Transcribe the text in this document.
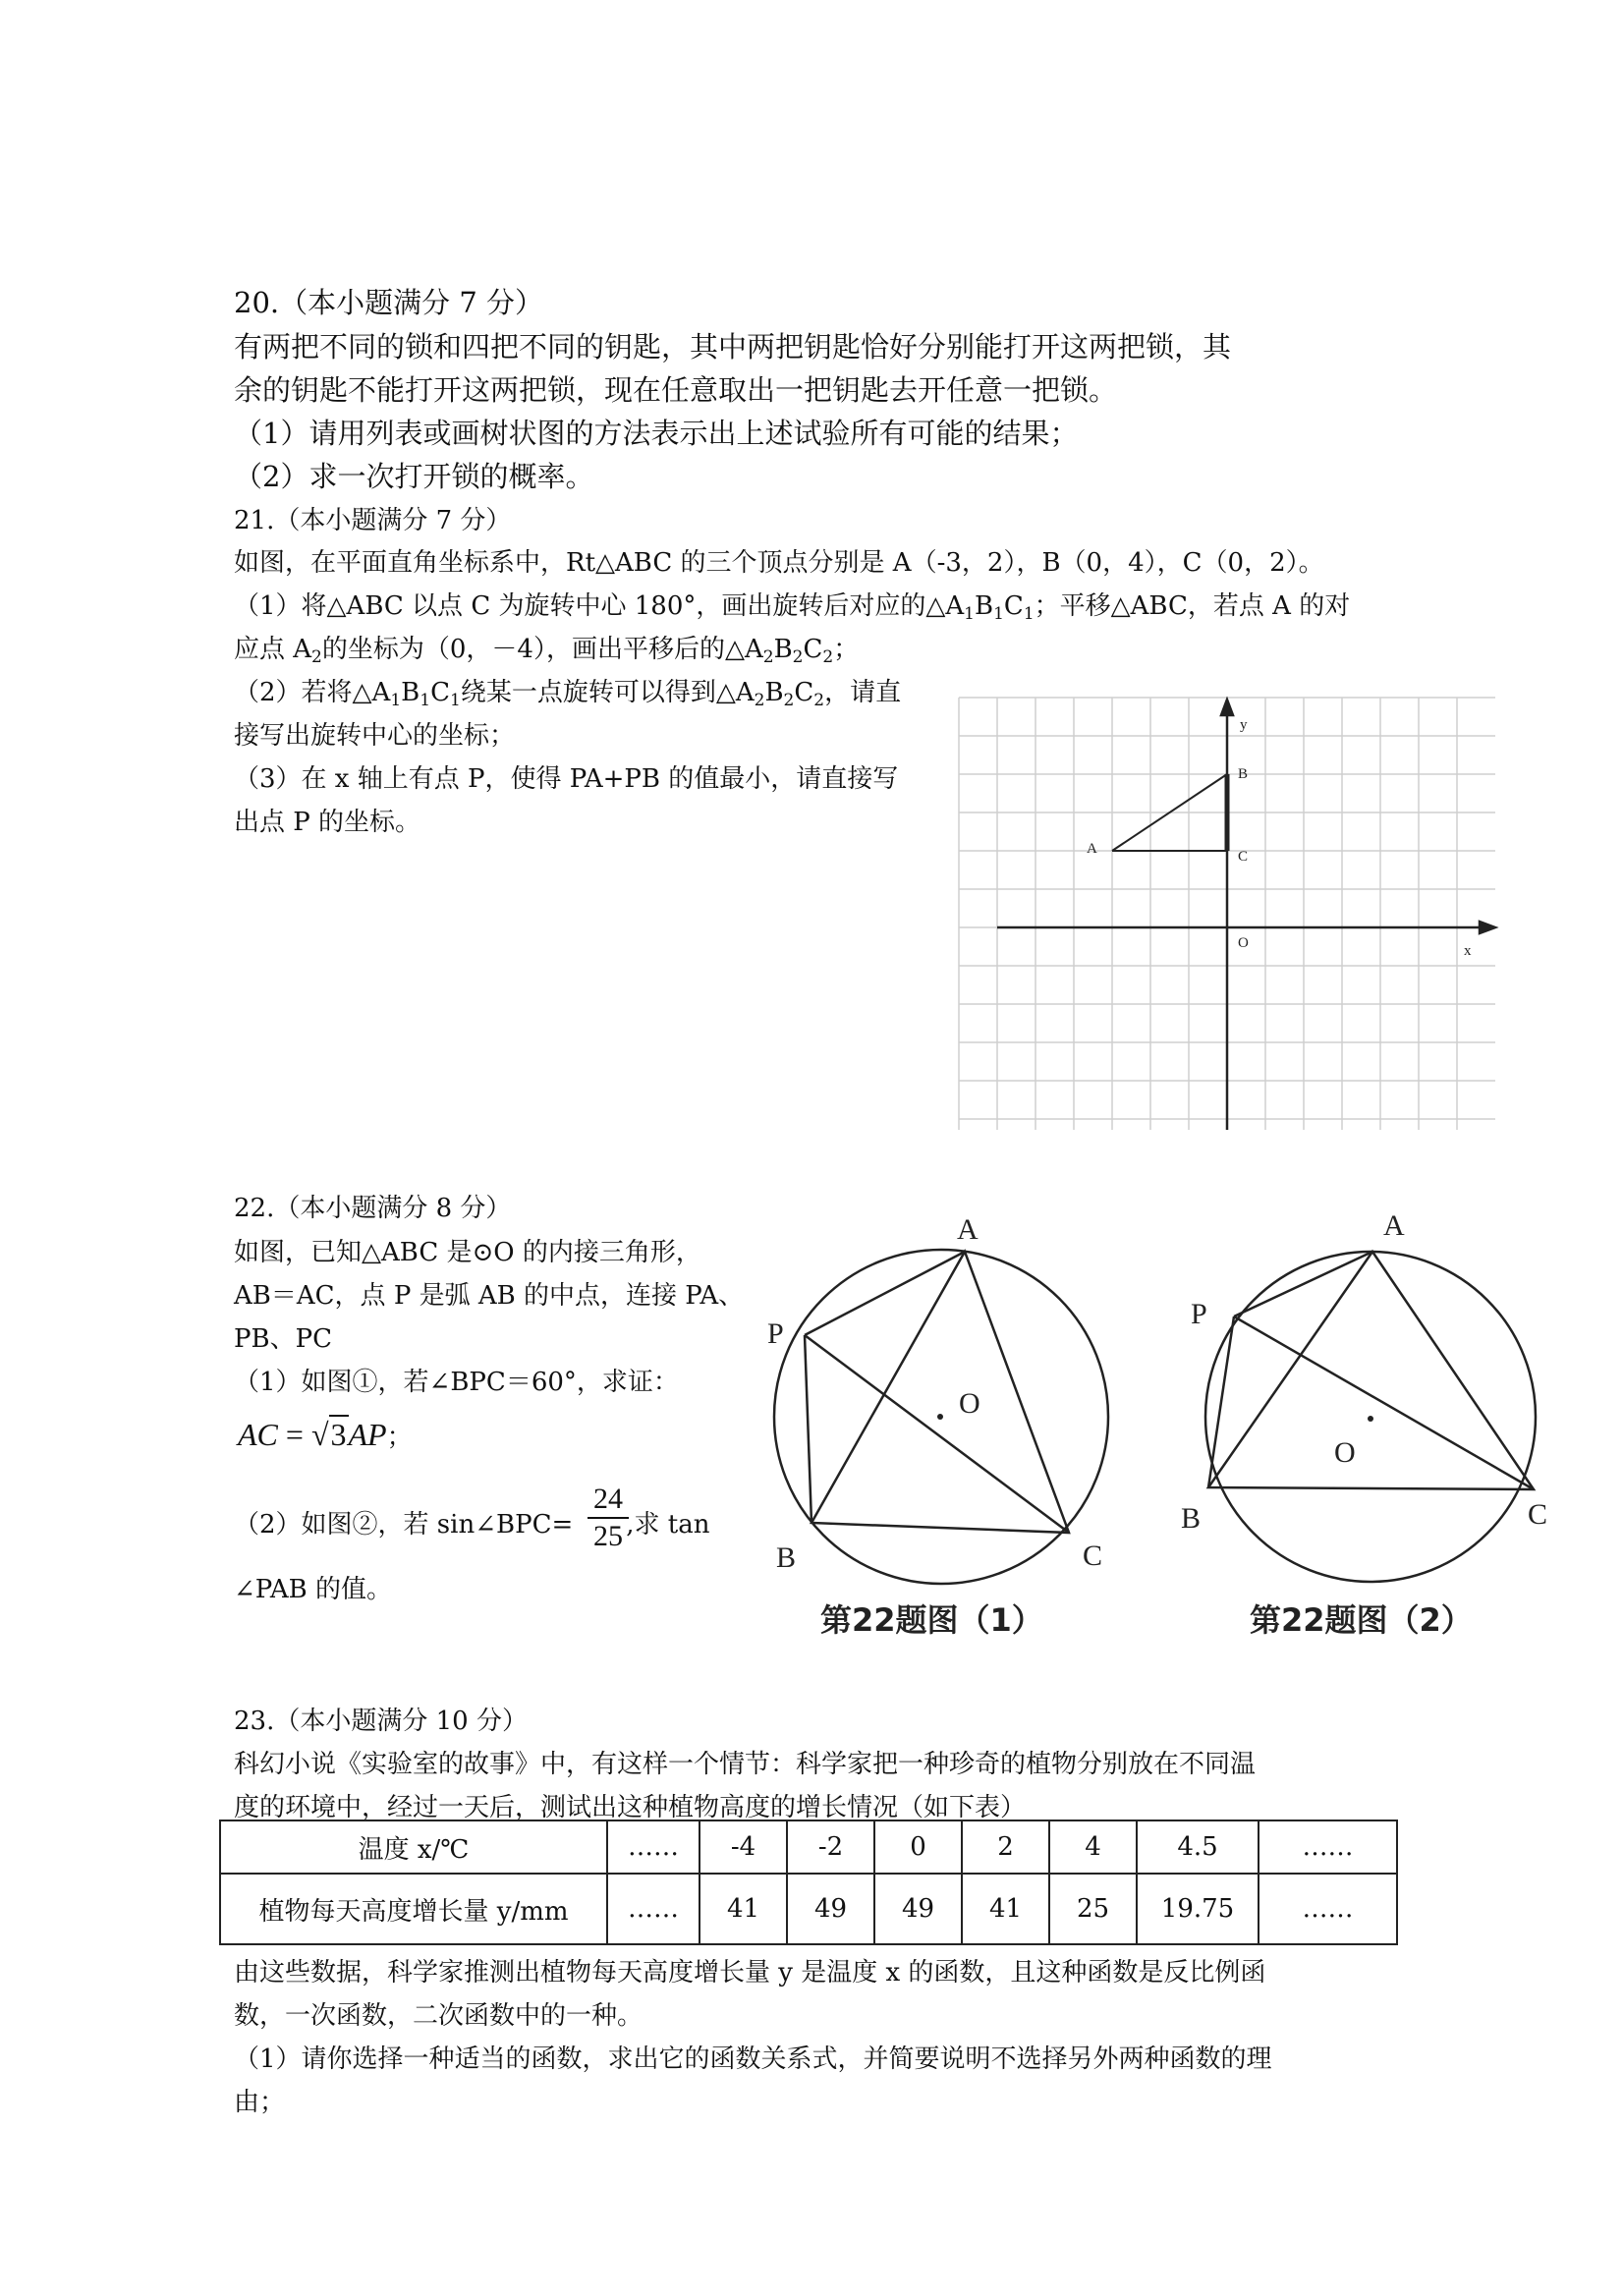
20.（本小题满分 7 分）
有两把不同的锁和四把不同的钥匙，其中两把钥匙恰好分别能打开这两把锁，其
余的钥匙不能打开这两把锁，现在任意取出一把钥匙去开任意一把锁。
（1）请用列表或画树状图的方法表示出上述试验所有可能的结果；
（2）求一次打开锁的概率。
21.（本小题满分 7 分）
如图，在平面直角坐标系中，Rt△ABC 的三个顶点分别是 A（-3，2），B（0，4），C（0，2）。
（1）将△ABC 以点 C 为旋转中心 180°，画出旋转后对应的$\triangle A_1B_1C_1$；平移△ABC，若点 A 的对
应点 $A_2$的坐标为（0，－4），画出平移后的$\triangle A_2B_2C_2$；
（2）若将$\triangle A_1B_1C_1$绕某一点旋转可以得到$\triangle A_2B_2C_2$，请直
接写出旋转中心的坐标；
（3）在 x 轴上有点 P，使得 PA+PB 的值最小，请直接写
出点 P 的坐标。
y
x
A
B
C
O
22.（本小题满分 8 分）
如图，已知△ABC 是⊙O 的内接三角形，
AB＝AC，点 P 是弧 AB 的中点，连接 PA、
PB、PC
（1）如图①，若∠BPC＝60°，求证：
AC = √3AP；
（2）如图②，若 sin∠BPC= ,求 tan
24
25
∠PAB 的值。
A
P
O
B	C
第22题图（1）
A
P
O
B	C
第22题图（2）
23.（本小题满分 10 分）
科幻小说《实验室的故事》中，有这样一个情节：科学家把一种珍奇的植物分别放在不同温
度的环境中，经过一天后，测试出这种植物高度的增长情况（如下表）
温度 x/℃	……	-4	-2	0	2	4	4.5	……
植物每天高度增长量 y/mm	……	41	49	49	41	25	19.75	……
由这些数据，科学家推测出植物每天高度增长量 y 是温度 x 的函数，且这种函数是反比例函
数，一次函数，二次函数中的一种。
（1）请你选择一种适当的函数，求出它的函数关系式，并简要说明不选择另外两种函数的理
由；
